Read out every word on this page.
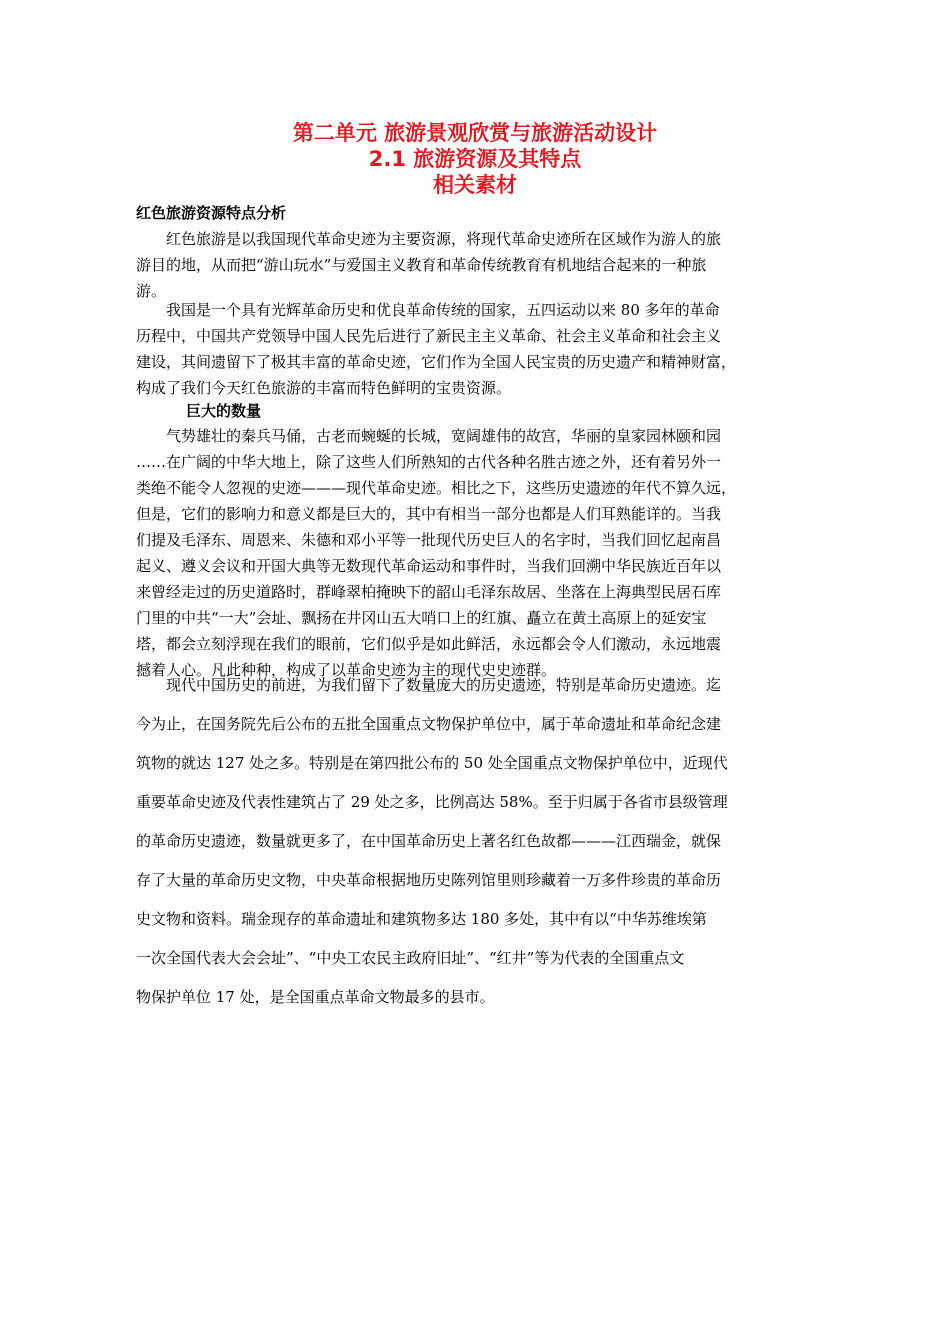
第二单元 旅游景观欣赏与旅游活动设计
2.1 旅游资源及其特点
相关素材
红色旅游资源特点分析
　　红色旅游是以我国现代革命史迹为主要资源，将现代革命史迹所在区域作为游人的旅
游目的地，从而把“游山玩水”与爱国主义教育和革命传统教育有机地结合起来的一种旅
游。
　　我国是一个具有光辉革命历史和优良革命传统的国家，五四运动以来 80 多年的革命
历程中，中国共产党领导中国人民先后进行了新民主主义革命、社会主义革命和社会主义
建设，其间遗留下了极其丰富的革命史迹，它们作为全国人民宝贵的历史遗产和精神财富，
构成了我们今天红色旅游的丰富而特色鲜明的宝贵资源。
巨大的数量
　　气势雄壮的秦兵马俑，古老而蜿蜒的长城，宽阔雄伟的故宫，华丽的皇家园林颐和园
……在广阔的中华大地上，除了这些人们所熟知的古代各种名胜古迹之外，还有着另外一
类绝不能令人忽视的史迹———现代革命史迹。相比之下，这些历史遗迹的年代不算久远，
但是，它们的影响力和意义都是巨大的，其中有相当一部分也都是人们耳熟能详的。当我
们提及毛泽东、周恩来、朱德和邓小平等一批现代历史巨人的名字时，当我们回忆起南昌
起义、遵义会议和开国大典等无数现代革命运动和事件时，当我们回溯中华民族近百年以
来曾经走过的历史道路时，群峰翠柏掩映下的韶山毛泽东故居、坐落在上海典型民居石库
门里的中共“一大”会址、飘扬在井冈山五大哨口上的红旗、矗立在黄土高原上的延安宝
塔，都会立刻浮现在我们的眼前，它们似乎是如此鲜活，永远都会令人们激动，永远地震
撼着人心。凡此种种，构成了以革命史迹为主的现代史史迹群。
　　现代中国历史的前进，为我们留下了数量庞大的历史遗迹，特别是革命历史遗迹。迄
今为止，在国务院先后公布的五批全国重点文物保护单位中，属于革命遗址和革命纪念建
筑物的就达 127 处之多。特别是在第四批公布的 50 处全国重点文物保护单位中，近现代
重要革命史迹及代表性建筑占了 29 处之多，比例高达 58%。至于归属于各省市县级管理
的革命历史遗迹，数量就更多了，在中国革命历史上著名红色故都———江西瑞金，就保
存了大量的革命历史文物，中央革命根据地历史陈列馆里则珍藏着一万多件珍贵的革命历
史文物和资料。瑞金现存的革命遗址和建筑物多达 180 多处，其中有以“中华苏维埃第
一次全国代表大会会址”、“中央工农民主政府旧址”、“红井”等为代表的全国重点文
物保护单位 17 处，是全国重点革命文物最多的县市。
